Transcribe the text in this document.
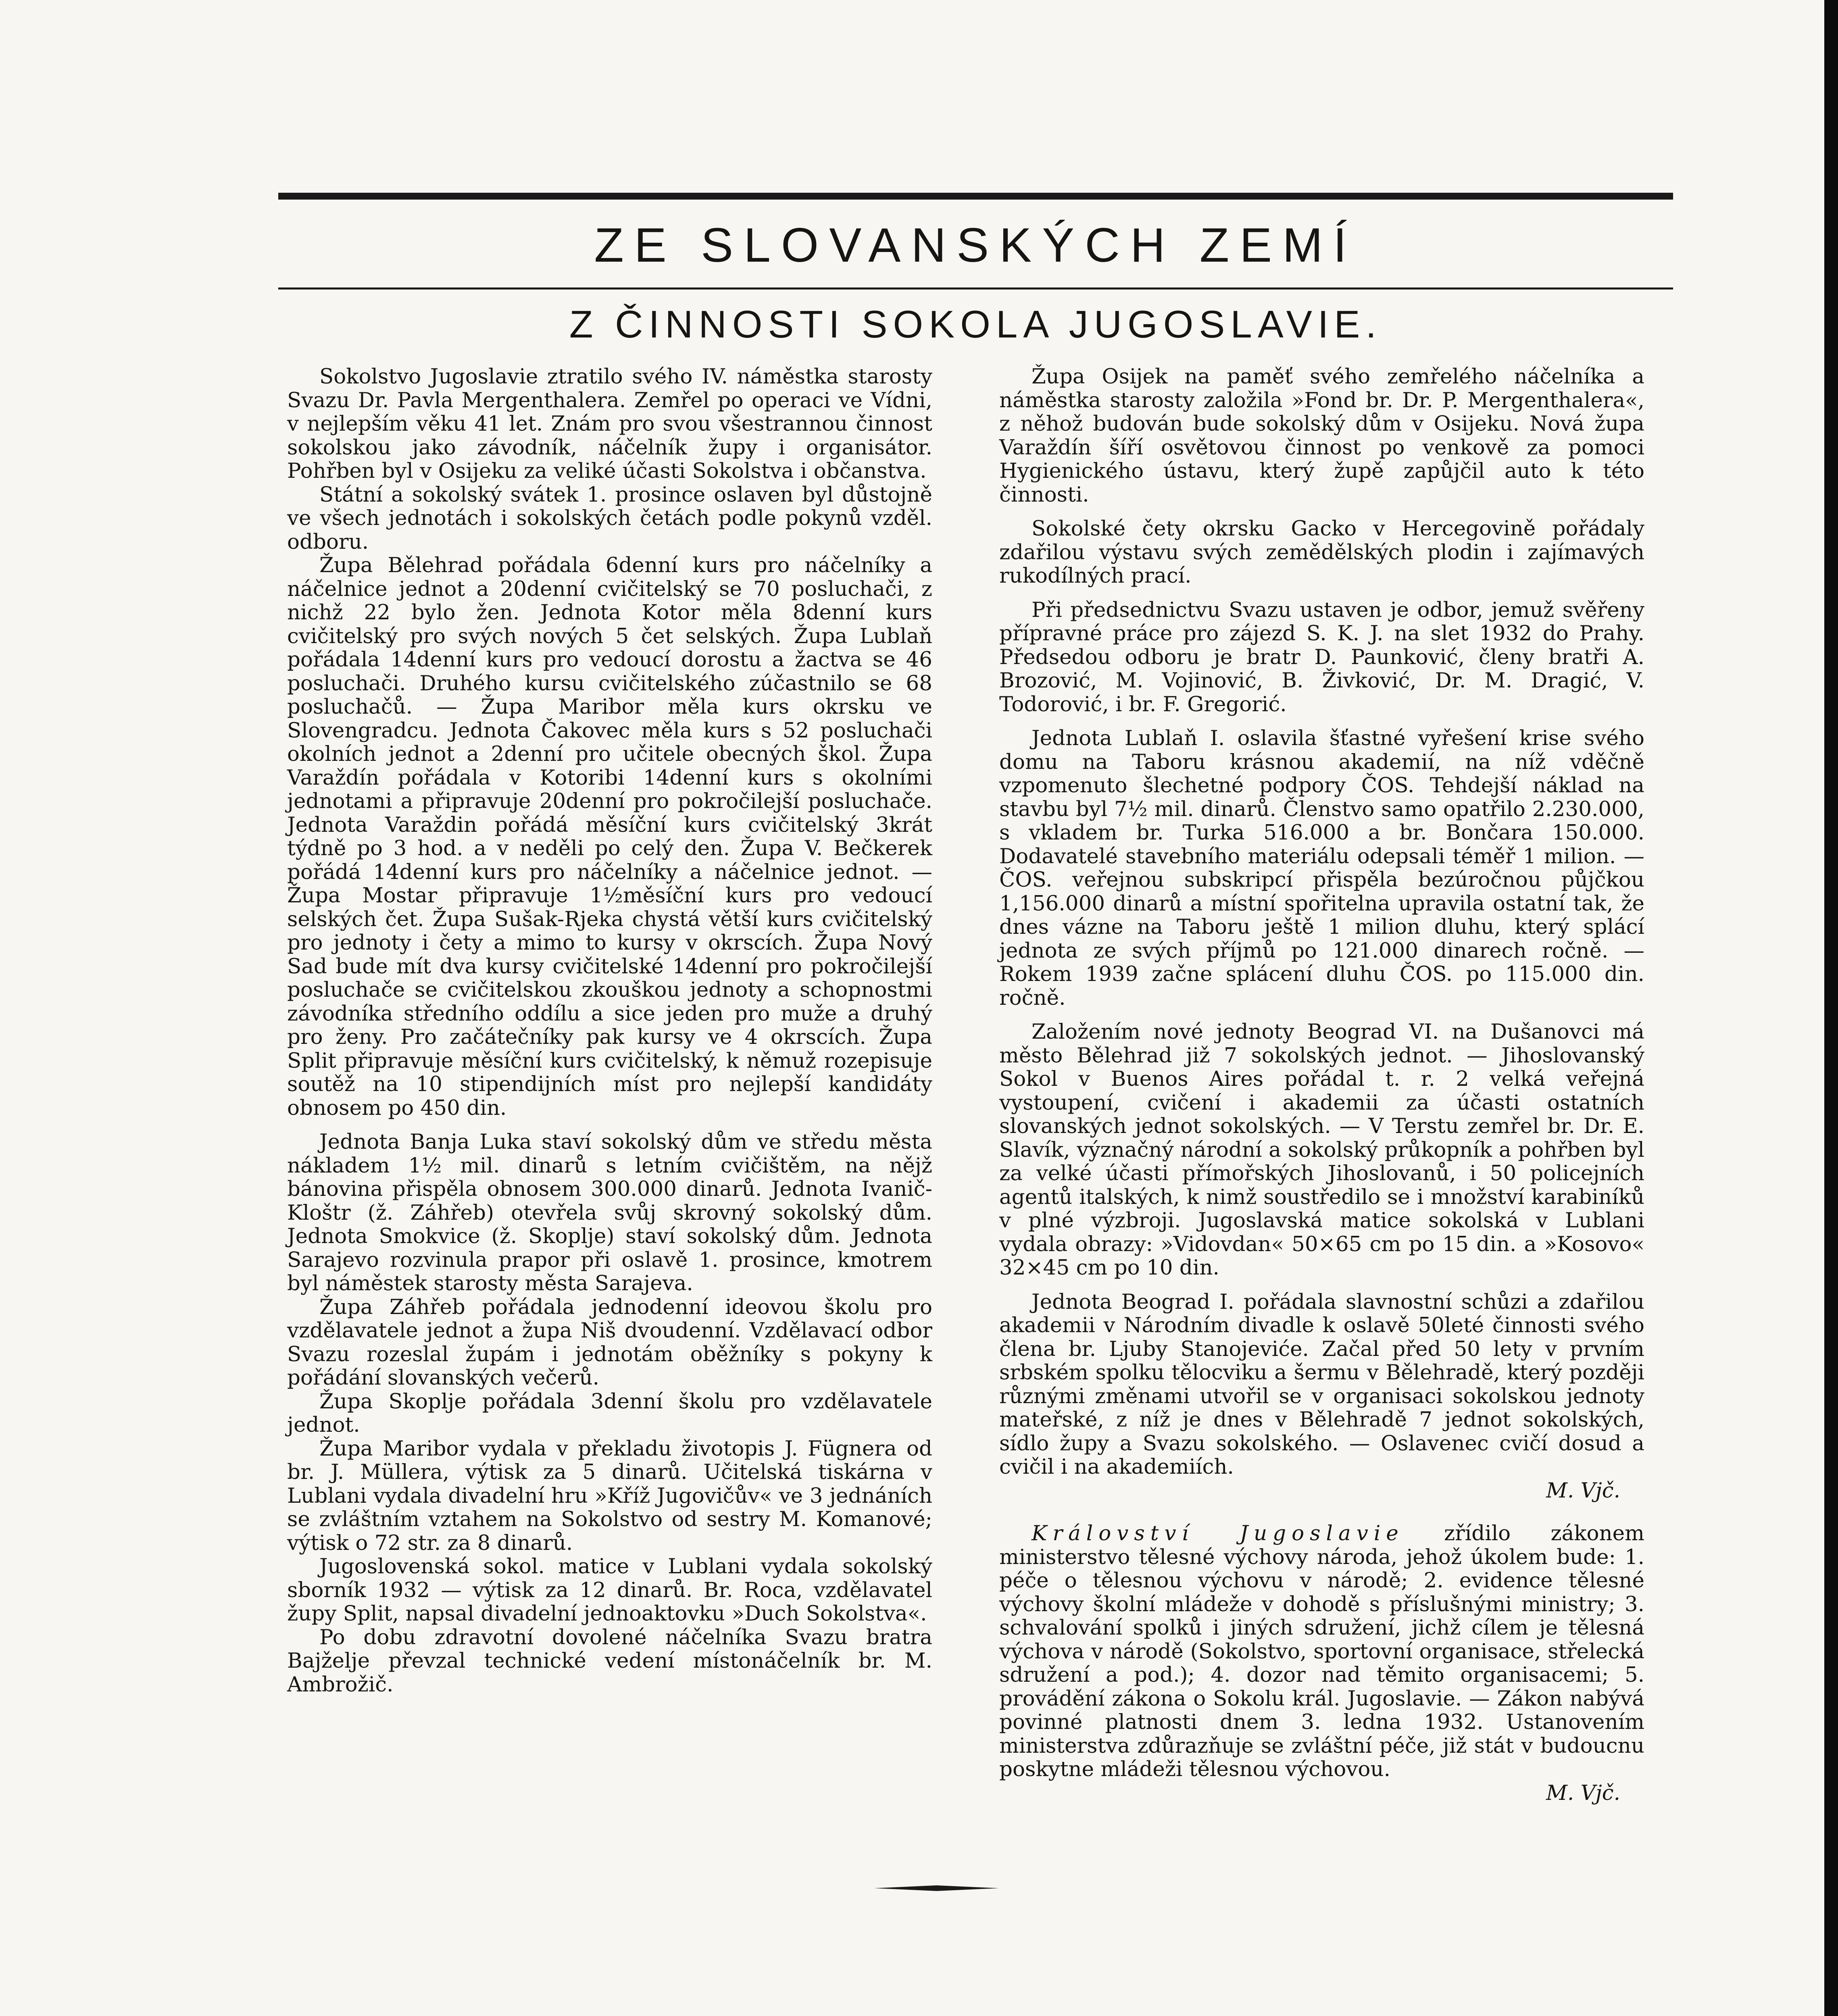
ZE SLOVANSKÝCH ZEMÍ
Z ČINNOSTI SOKOLA JUGOSLAVIE.

Sokolstvo Jugoslavie ztratilo svého IV. náměstka starosty Svazu Dr. Pavla Mergenthalera. Zemřel po operaci ve Vídni, v nejlepším věku 41 let. Znám pro svou všestrannou činnost sokolskou jako závodník, náčelník župy i organisátor. Pohřben byl v Osijeku za veliké účasti Sokolstva i občanstva.

Státní a sokolský svátek 1. prosince oslaven byl důstojně ve všech jednotách i sokolských četách podle pokynů vzděl. odboru.

Župa Bělehrad pořádala 6denní kurs pro náčelníky a náčelnice jednot a 20denní cvičitelský se 70 posluchači, z nichž 22 bylo žen. Jednota Kotor měla 8denní kurs cvičitelský pro svých nových 5 čet selských. Župa Lublaň pořádala 14denní kurs pro vedoucí dorostu a žactva se 46 posluchači. Druhého kursu cvičitelského zúčastnilo se 68 posluchačů. — Župa Maribor měla kurs okrsku ve Slovengradcu. Jednota Čakovec měla kurs s 52 posluchači okolních jednot a 2denní pro učitele obecných škol. Župa Varaždín pořádala v Kotoribi 14denní kurs s okolními jednotami a připravuje 20denní pro pokročilejší posluchače. Jednota Varaždin pořádá měsíční kurs cvičitelský 3krát týdně po 3 hod. a v neděli po celý den. Župa V. Bečkerek pořádá 14denní kurs pro náčelníky a náčelnice jednot. — Župa Mostar připravuje 1½měsíční kurs pro vedoucí selských čet. Župa Sušak-Rjeka chystá větší kurs cvičitelský pro jednoty i čety a mimo to kursy v okrscích. Župa Nový Sad bude mít dva kursy cvičitelské 14denní pro pokročilejší posluchače se cvičitelskou zkouškou jednoty a schopnostmi závodníka středního oddílu a sice jeden pro muže a druhý pro ženy. Pro začátečníky pak kursy ve 4 okrscích. Župa Split připravuje měsíční kurs cvičitelský, k němuž rozepisuje soutěž na 10 stipendijních míst pro nejlepší kandidáty obnosem po 450 din.

Jednota Banja Luka staví sokolský dům ve středu města nákladem 1½ mil. dinarů s letním cvičištěm, na nějž bánovina přispěla obnosem 300.000 dinarů. Jednota Ivanič-Kloštr (ž. Záhřeb) otevřela svůj skrovný sokolský dům. Jednota Smokvice (ž. Skoplje) staví sokolský dům. Jednota Sarajevo rozvinula prapor při oslavě 1. prosince, kmotrem byl náměstek starosty města Sarajeva.

Župa Záhřeb pořádala jednodenní ideovou školu pro vzdělavatele jednot a župa Niš dvoudenní. Vzdělavací odbor Svazu rozeslal župám i jednotám oběžníky s pokyny k pořádání slovanských večerů.

Župa Skoplje pořádala 3denní školu pro vzdělavatele jednot.

Župa Maribor vydala v překladu životopis J. Fügnera od br. J. Müllera, výtisk za 5 dinarů. Učitelská tiskárna v Lublani vydala divadelní hru »Kříž Jugovičův« ve 3 jednáních se zvláštním vztahem na Sokolstvo od sestry M. Komanové; výtisk o 72 str. za 8 dinarů.

Jugoslovenská sokol. matice v Lublani vydala sokolský sborník 1932 — výtisk za 12 dinarů. Br. Roca, vzdělavatel župy Split, napsal divadelní jednoaktovku »Duch Sokolstva«.

Po dobu zdravotní dovolené náčelníka Svazu bratra Bajželje převzal technické vedení místonáčelník br. M. Ambrožič.

Župa Osijek na paměť svého zemřelého náčelníka a náměstka starosty založila »Fond br. Dr. P. Mergenthalera«, z něhož budován bude sokolský dům v Osijeku. Nová župa Varaždín šíří osvětovou činnost po venkově za pomoci Hygienického ústavu, který župě zapůjčil auto k této činnosti.

Sokolské čety okrsku Gacko v Hercegovině pořádaly zdařilou výstavu svých zemědělských plodin i zajímavých rukodílných prací.

Při předsednictvu Svazu ustaven je odbor, jemuž svěřeny přípravné práce pro zájezd S. K. J. na slet 1932 do Prahy. Předsedou odboru je bratr D. Paunković, členy bratři A. Brozović, M. Vojinović, B. Živković, Dr. M. Dragić, V. Todorović, i br. F. Gregorić.

Jednota Lublaň I. oslavila šťastné vyřešení krise svého domu na Taboru krásnou akademií, na níž vděčně vzpomenuto šlechetné podpory ČOS. Tehdejší náklad na stavbu byl 7½ mil. dinarů. Členstvo samo opatřilo 2.230.000, s vkladem br. Turka 516.000 a br. Bončara 150.000. Dodavatelé stavebního materiálu odepsali téměř 1 milion. — ČOS. veřejnou subskripcí přispěla bezúročnou půjčkou 1,156.000 dinarů a místní spořitelna upravila ostatní tak, že dnes vázne na Taboru ještě 1 milion dluhu, který splácí jednota ze svých příjmů po 121.000 dinarech ročně. — Rokem 1939 začne splácení dluhu ČOS. po 115.000 din. ročně.

Založením nové jednoty Beograd VI. na Dušanovci má město Bělehrad již 7 sokolských jednot. — Jihoslovanský Sokol v Buenos Aires pořádal t. r. 2 velká veřejná vystoupení, cvičení i akademii za účasti ostatních slovanských jednot sokolských. — V Terstu zemřel br. Dr. E. Slavík, význačný národní a sokolský průkopník a pohřben byl za velké účasti přímořských Jihoslovanů, i 50 policejních agentů italských, k nimž soustředilo se i množství karabiníků v plné výzbroji. Jugoslavská matice sokolská v Lublani vydala obrazy: »Vidovdan« 50×65 cm po 15 din. a »Kosovo« 32×45 cm po 10 din.

Jednota Beograd I. pořádala slavnostní schůzi a zdařilou akademii v Národním divadle k oslavě 50leté činnosti svého člena br. Ljuby Stanojeviće. Začal před 50 lety v prvním srbském spolku tělocviku a šermu v Bělehradě, který později různými změnami utvořil se v organisaci sokolskou jednoty mateřské, z níž je dnes v Bělehradě 7 jednot sokolských, sídlo župy a Svazu sokolského. — Oslavenec cvičí dosud a cvičil i na akademiích.

M. Vjč.

Království Jugoslavie zřídilo zákonem ministerstvo tělesné výchovy národa, jehož úkolem bude: 1. péče o tělesnou výchovu v národě; 2. evidence tělesné výchovy školní mládeže v dohodě s příslušnými ministry; 3. schvalování spolků i jiných sdružení, jichž cílem je tělesná výchova v národě (Sokolstvo, sportovní organisace, střelecká sdružení a pod.); 4. dozor nad těmito organisacemi; 5. provádění zákona o Sokolu král. Jugoslavie. — Zákon nabývá povinné platnosti dnem 3. ledna 1932. Ustanovením ministerstva zdůrazňuje se zvláštní péče, již stát v budoucnu poskytne mládeži tělesnou výchovou.

M. Vjč.
